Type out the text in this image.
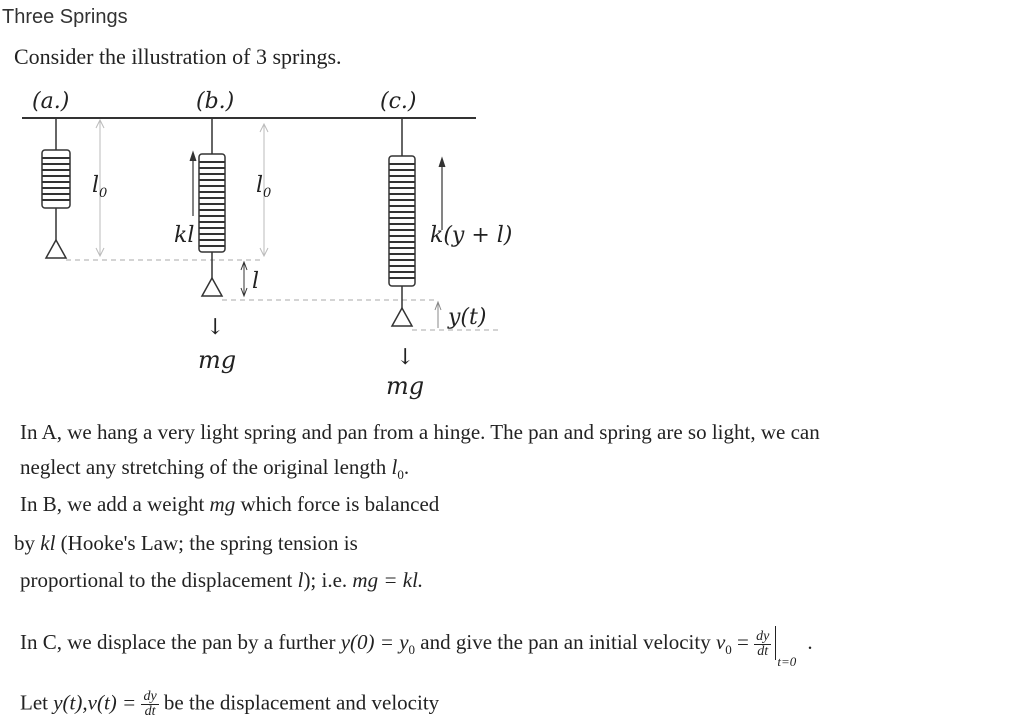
Three Springs
Consider the illustration of 3 springs.
(a.)	(b.)	(c.)
$l_0$	$l_0$
kl
l
k(y + l)
y(t)
↓
mg	↓
mg
In A, we hang a very light spring and pan from a hinge. The pan and spring are so light, we can
neglect any stretching of the original length $l_0$.
In B, we add a weight mg which force is balanced
by kl (Hooke's Law; the spring tension is
proportional to the displacement l); i.e. mg = kl.
In C, we displace the pan by a further $y(0) = y_0$ and give the pan an initial velocity $v_0 = \frac{dy}{dt}$
t=0
.
Let $y(t),v(t) = \frac{dy}{dt}$ be the displacement and velocity
